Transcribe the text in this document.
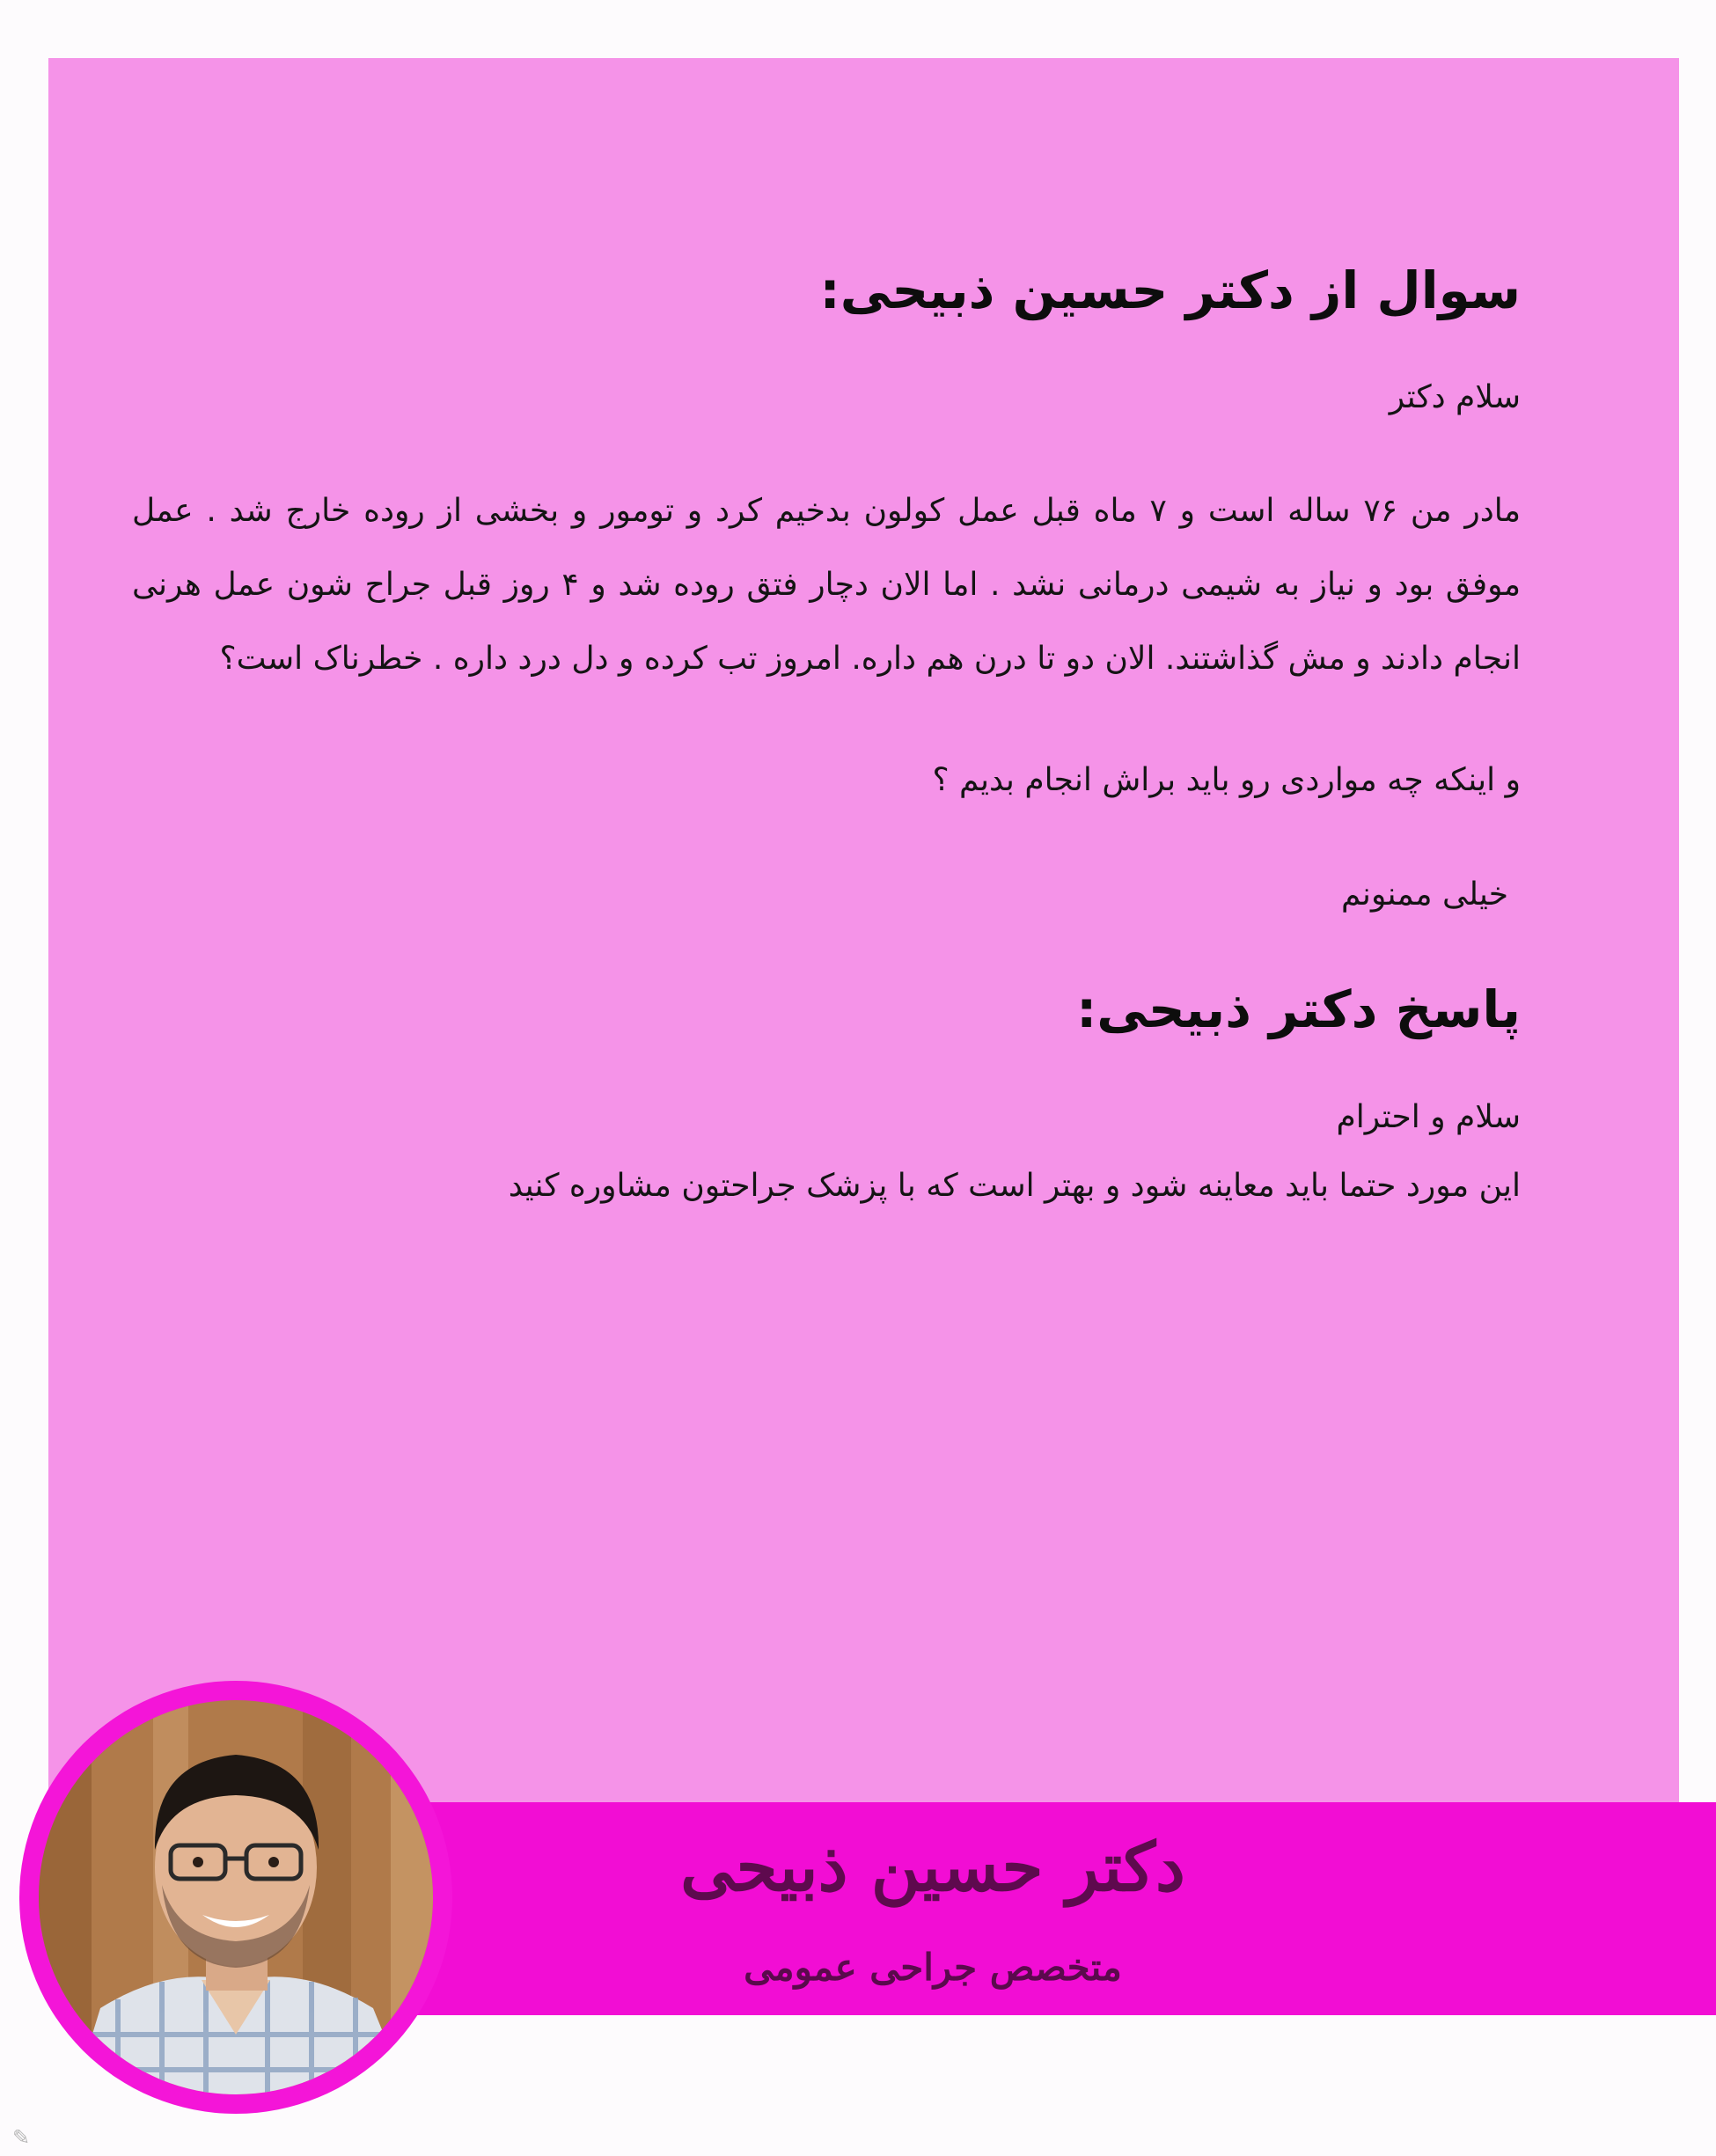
سوال از دکتر حسین ذبیحی:
سلام دکتر
مادر من ۷۶ ساله است و ۷ ماه قبل عمل کولون بدخیم کرد و تومور و بخشی از روده خارج شد . عمل موفق بود و نیاز به شیمی درمانی نشد . اما الان دچار فتق روده شد و ۴ روز قبل جراح شون عمل هرنی انجام دادند و مش گذاشتند. الان دو تا درن هم داره. امروز تب کرده و دل درد داره . خطرناک است؟
و اینکه چه مواردی رو باید براش انجام بدیم ؟
خیلی ممنونم
پاسخ دکتر ذبیحی:
سلام و احترام
این مورد حتما باید معاینه شود و بهتر است که با پزشک جراحتون مشاوره کنید
دکتر حسین ذبیحی
متخصص جراحی عمومی
✎
